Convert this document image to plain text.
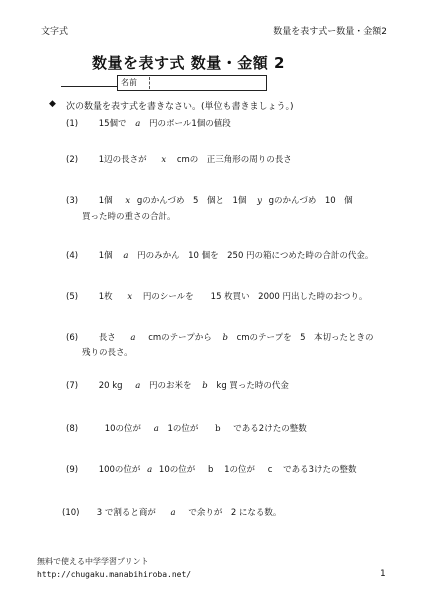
文字式	数量を表す式ー数量・金額2
数量を表す式 数量・金額 2
名前
◆ 次の数量を表す式を書きなさい。(単位も書きましょう。)
(1) 15個で a 円のボール1個の値段
(2) 1辺の長さが x cmの　正三角形の周りの長さ
(3) 1個 x gのかんづめ　5　個と　1個 y gのかんづめ　10　個
買った時の重さの合計。
(4) 1個 a 円のみかん　10 個を　250 円の箱につめた時の合計の代金。
(5) 1枚 x 円のシールを　　15 枚買い　2000 円出した時のおつり。
(6) 長さ a cmのテープから b cmのテープを　5　本切ったときの
残りの長さ。
(7) 20 kg a 円のお米を b kg 買った時の代金
(8)	10の位が a 1の位が b である2けたの整数
(9) 100の位が a 10の位が b 1の位が c である3けたの整数
(10) 3 で割ると商が a で余りが　2 になる数。
無料で使える中学学習プリント
http://chugaku.manabihiroba.net/	1
